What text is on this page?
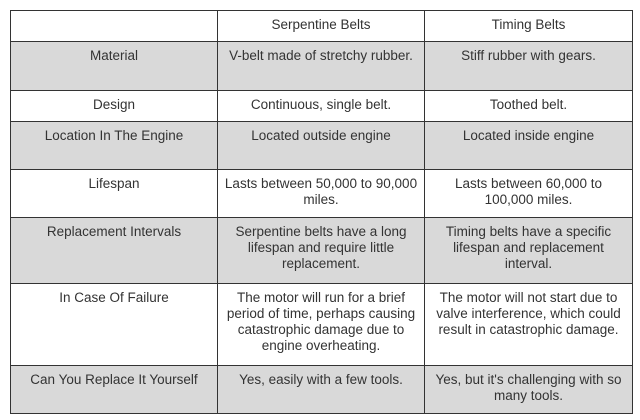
	Serpentine Belts	Timing Belts
Material	V-belt made of stretchy rubber.	Stiff rubber with gears.
Design	Continuous, single belt.	Toothed belt.
Location In The Engine	Located outside engine	Located inside engine
Lifespan	Lasts between 50,000 to 90,000 miles.	Lasts between 60,000 to 100,000 miles.
Replacement Intervals	Serpentine belts have a long lifespan and require little replacement.	Timing belts have a specific lifespan and replacement interval.
In Case Of Failure	The motor will run for a brief period of time, perhaps causing catastrophic damage due to engine overheating.	The motor will not start due to valve interference, which could result in catastrophic damage.
Can You Replace It Yourself	Yes, easily with a few tools.	Yes, but it's challenging with so many tools.
